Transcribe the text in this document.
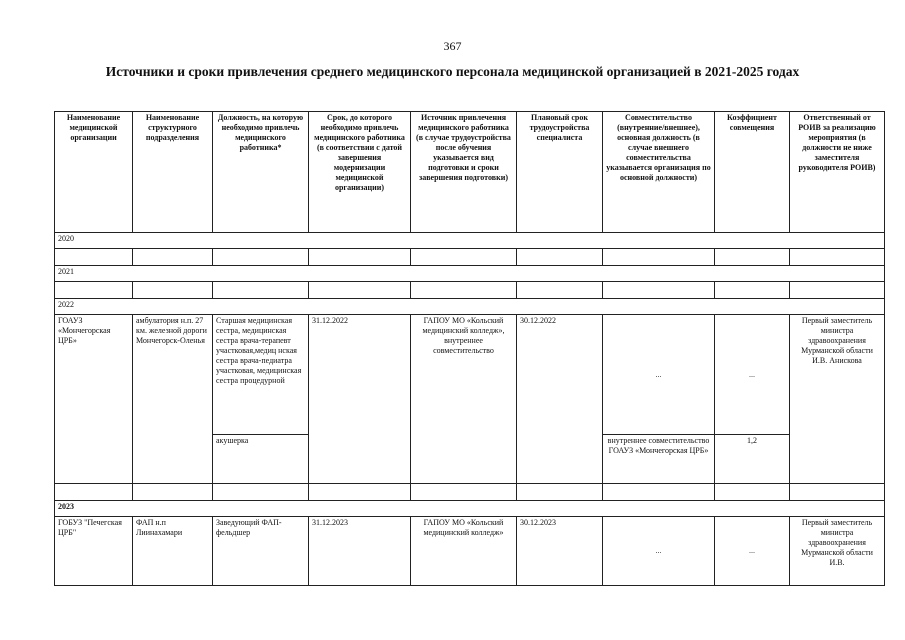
367
Источники и сроки привлечения среднего медицинского персонала медицинской организацией в 2021-2025 годах
Наименование медицинской организации	Наименование структурного подразделения	Должность, на которую необходимо привлечь медицинского работника*	Срок, до которого необходимо привлечь медицинского работника (в соответствии с датой завершения модернизации медицинской организации)	Источник привлечения медицинского работника (в случае трудоустройства после обучения указывается вид подготовки и сроки завершения подготовки)	Плановый срок трудоустройства специалиста	Совместительство (внутренние/внешнее), основная должность (в случае внешнего совместительства указывается организация по основной должности)	Коэффициент совмещения	Ответственный от РОИВ за реализацию мероприятия (в должности не ниже заместителя руководителя РОИВ)
2020								

2021								

2022								
ГОАУЗ «Мончегорская ЦРБ»	амбулатория н.п. 27 км. железной дороги Мончегорск-Оленья	Старшая медицинская сестра, медицинская сестра врача-терапевт участковая,медиц нская сестра врача-педиатра участковая, медицинская сестра процедурной	31.12.2022	ГАПОУ МО «Кольский медицинский колледж», внутреннее совместительство	30.12.2022	...	...	Первый заместитель министра здравоохранения Мурманской области И.В. Анискова
		акушерка				внутреннее совместительство ГОАУЗ «Мончегорская ЦРБ»	1,2	

2023								
ГОБУЗ "Печегская ЦРБ"	ФАП н.п Лиинахамари	Заведующий ФАП-фельдшер	31.12.2023	ГАПОУ МО «Кольский медицинский колледж»	30.12.2023	...	...	Первый заместитель министра здравоохранения Мурманской области И.В.
